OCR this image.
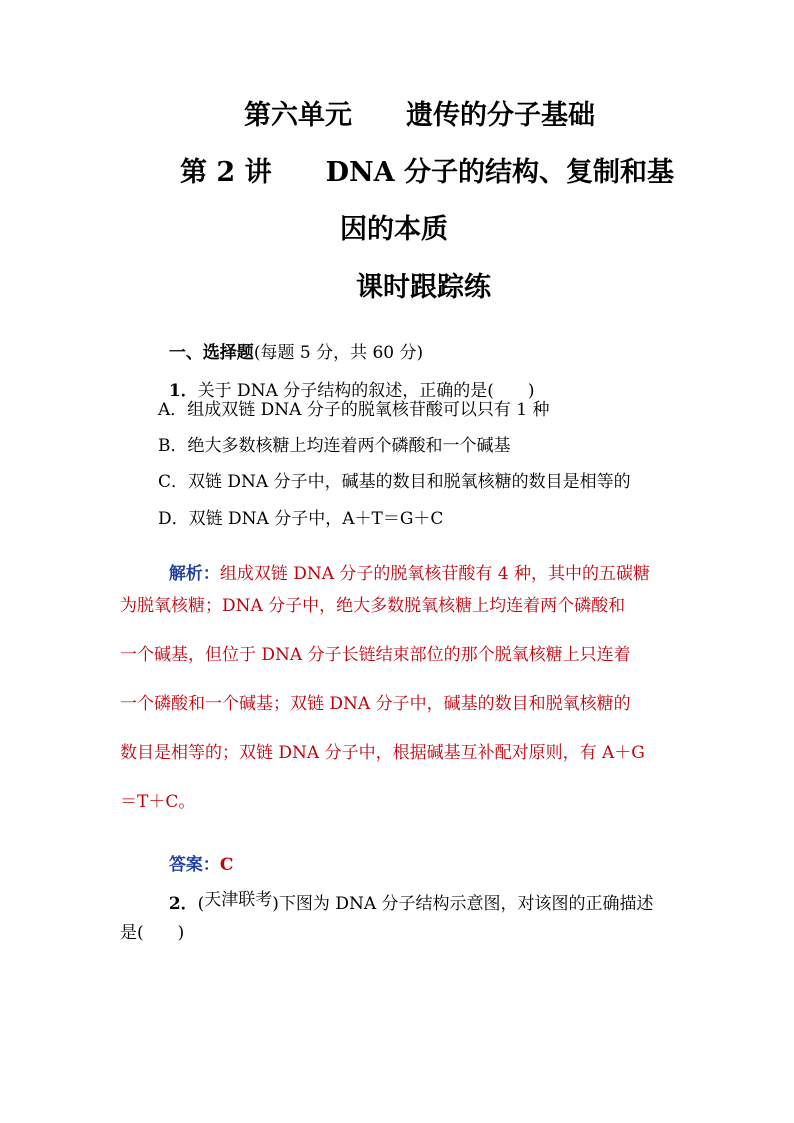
第六单元　　遗传的分子基础
第 2 讲　　DNA 分子的结构、复制和基
因的本质
课时跟踪练

一、选择题(每题 5 分，共 60 分)

1．关于 DNA 分子结构的叙述，正确的是(　　)

A．组成双链 DNA 分子的脱氧核苷酸可以只有 1 种
B．绝大多数核糖上均连着两个磷酸和一个碱基
C．双链 DNA 分子中，碱基的数目和脱氧核糖的数目是相等的
D．双链 DNA 分子中，A＋T＝G＋C

解析：组成双链 DNA 分子的脱氧核苷酸有 4 种，其中的五碳糖

为脱氧核糖；DNA 分子中，绝大多数脱氧核糖上均连着两个磷酸和
一个碱基，但位于 DNA 分子长链结束部位的那个脱氧核糖上只连着
一个磷酸和一个碱基；双链 DNA 分子中，碱基的数目和脱氧核糖的
数目是相等的；双链 DNA 分子中，根据碱基互补配对原则，有 A＋G
＝T＋C。

答案：C

2．(天津联考)下图为 DNA 分子结构示意图，对该图的正确描述

是(　　)
